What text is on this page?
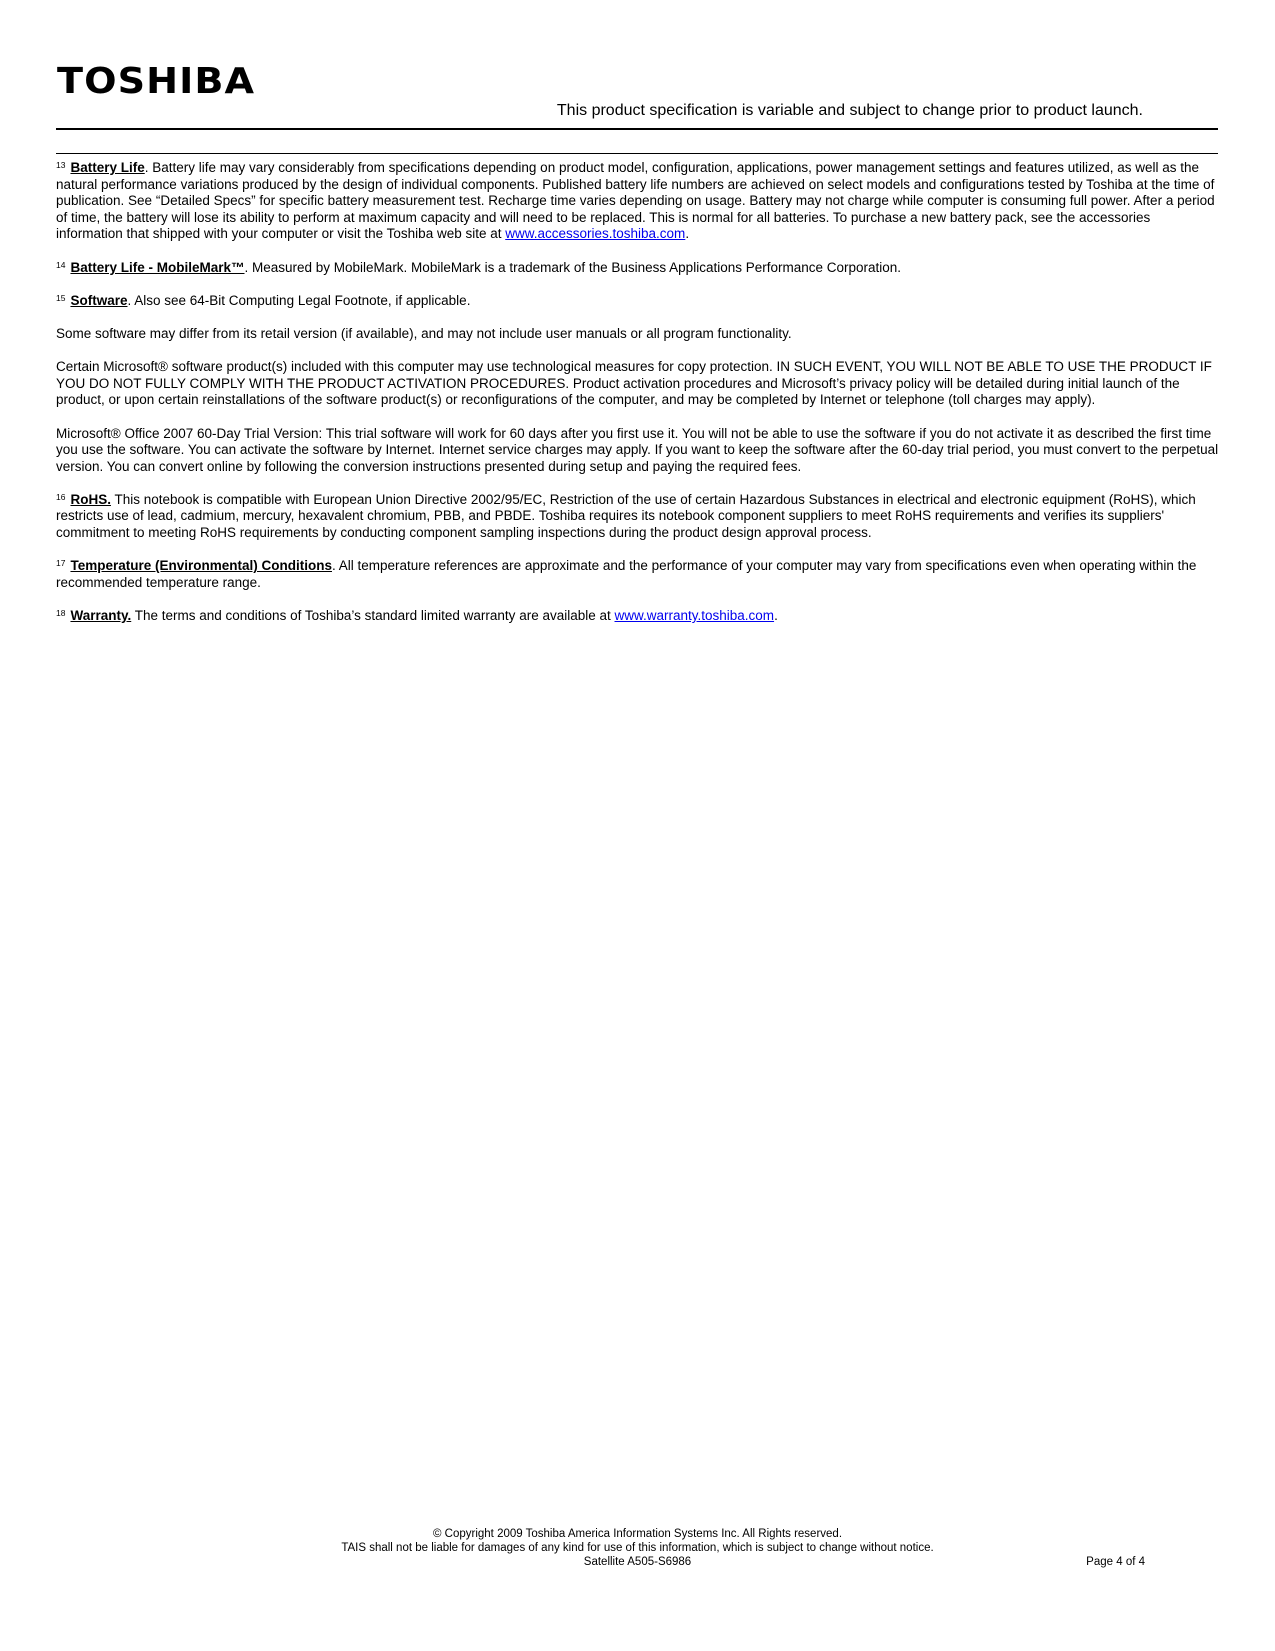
TOSHIBA
This product specification is variable and subject to change prior to product launch.

$^{13}$ Battery Life. Battery life may vary considerably from specifications depending on product model, configuration, applications, power management settings and features utilized, as well as the natural performance variations produced by the design of individual components. Published battery life numbers are achieved on select models and configurations tested by Toshiba at the time of publication. See “Detailed Specs” for specific battery measurement test. Recharge time varies depending on usage. Battery may not charge while computer is consuming full power. After a period of time, the battery will lose its ability to perform at maximum capacity and will need to be replaced. This is normal for all batteries. To purchase a new battery pack, see the accessories information that shipped with your computer or visit the Toshiba web site at www.accessories.toshiba.com.

$^{14}$ Battery Life - MobileMark™. Measured by MobileMark. MobileMark is a trademark of the Business Applications Performance Corporation.

$^{15}$ Software. Also see 64-Bit Computing Legal Footnote, if applicable.

Some software may differ from its retail version (if available), and may not include user manuals or all program functionality.

Certain Microsoft® software product(s) included with this computer may use technological measures for copy protection. IN SUCH EVENT, YOU WILL NOT BE ABLE TO USE THE PRODUCT IF YOU DO NOT FULLY COMPLY WITH THE PRODUCT ACTIVATION PROCEDURES. Product activation procedures and Microsoft’s privacy policy will be detailed during initial launch of the product, or upon certain reinstallations of the software product(s) or reconfigurations of the computer, and may be completed by Internet or telephone (toll charges may apply).

Microsoft® Office 2007 60-Day Trial Version: This trial software will work for 60 days after you first use it. You will not be able to use the software if you do not activate it as described the first time you use the software. You can activate the software by Internet. Internet service charges may apply. If you want to keep the software after the 60-day trial period, you must convert to the perpetual version. You can convert online by following the conversion instructions presented during setup and paying the required fees.

$^{16}$ RoHS. This notebook is compatible with European Union Directive 2002/95/EC, Restriction of the use of certain Hazardous Substances in electrical and electronic equipment (RoHS), which restricts use of lead, cadmium, mercury, hexavalent chromium, PBB, and PBDE. Toshiba requires its notebook component suppliers to meet RoHS requirements and verifies its suppliers' commitment to meeting RoHS requirements by conducting component sampling inspections during the product design approval process.

$^{17}$ Temperature (Environmental) Conditions. All temperature references are approximate and the performance of your computer may vary from specifications even when operating within the recommended temperature range.

$^{18}$ Warranty. The terms and conditions of Toshiba’s standard limited warranty are available at www.warranty.toshiba.com.

© Copyright 2009 Toshiba America Information Systems Inc. All Rights reserved.
TAIS shall not be liable for damages of any kind for use of this information, which is subject to change without notice.
Satellite A505-S6986	Page 4 of 4
